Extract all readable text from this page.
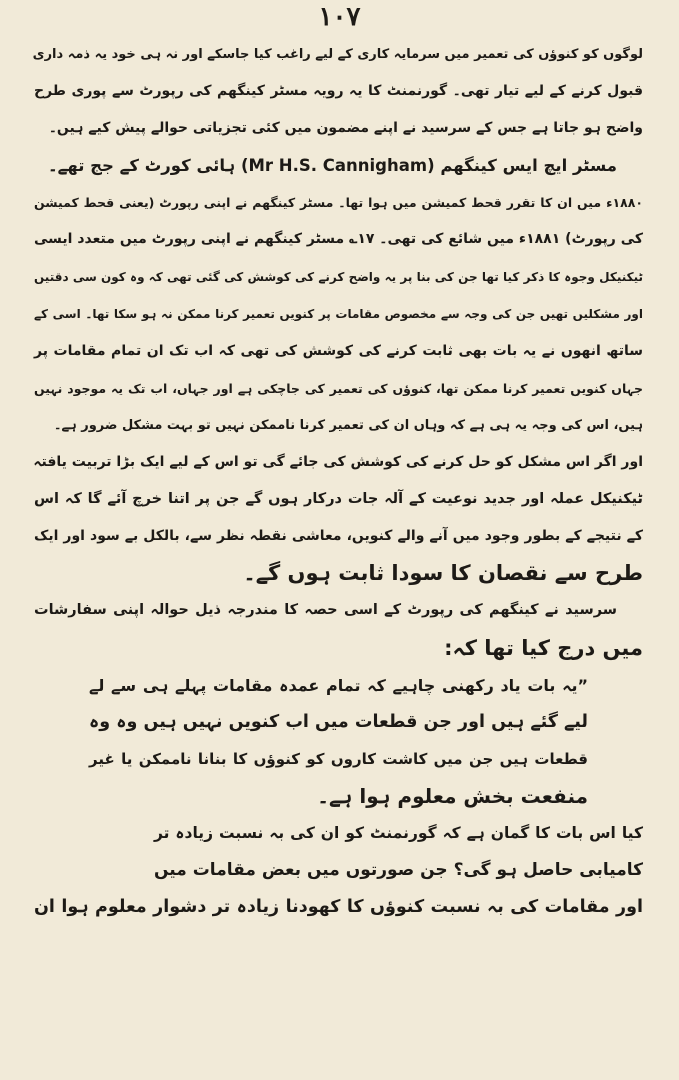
۱۰۷
لوگوں کو کنوؤں کی تعمیر میں سرمایہ کاری کے لیے راغب کیا جاسکے اور نہ ہی خود یہ ذمہ داری
قبول کرنے کے لیے تیار تھی۔ گورنمنٹ کا یہ رویہ مسٹر کینگھم کی رپورٹ سے پوری طرح
واضح ہو جاتا ہے جس کے سرسید نے اپنے مضمون میں کئی تجزیاتی حوالے پیش کیے ہیں۔
مسٹر ایچ ایس کینگھم (Mr H.S. Cannigham) ہائی کورٹ کے جج تھے۔
۱۸۸۰ء میں ان کا تقرر قحط کمیشن میں ہوا تھا۔ مسٹر کینگھم نے اپنی رپورٹ (یعنی قحط کمیشن
کی رپورٹ) ۱۸۸۱ء میں شائع کی تھی۔ ۱۷؎ مسٹر کینگھم نے اپنی رپورٹ میں متعدد ایسی
ٹیکنیکل وجوہ کا ذکر کیا تھا جن کی بنا پر یہ واضح کرنے کی کوشش کی گئی تھی کہ وہ کون سی دقتیں
اور مشکلیں تھیں جن کی وجہ سے مخصوص مقامات پر کنویں تعمیر کرنا ممکن نہ ہو سکا تھا۔ اسی کے
ساتھ انھوں نے یہ بات بھی ثابت کرنے کی کوشش کی تھی کہ اب تک ان تمام مقامات پر
جہاں کنویں تعمیر کرنا ممکن تھا، کنوؤں کی تعمیر کی جاچکی ہے اور جہاں، اب تک یہ موجود نہیں
ہیں، اس کی وجہ یہ ہی ہے کہ وہاں ان کی تعمیر کرنا ناممکن نہیں تو بہت مشکل ضرور ہے۔
اور اگر اس مشکل کو حل کرنے کی کوشش کی جائے گی تو اس کے لیے ایک بڑا تربیت یافتہ
ٹیکنیکل عملہ اور جدید نوعیت کے آلہ جات درکار ہوں گے جن پر اتنا خرچ آئے گا کہ اس
کے نتیجے کے بطور وجود میں آنے والے کنویں، معاشی نقطہ نظر سے، بالکل بے سود اور ایک
طرح سے نقصان کا سودا ثابت ہوں گے۔
سرسید نے کینگھم کی رپورٹ کے اسی حصہ کا مندرجہ ذیل حوالہ اپنی سفارشات
میں درج کیا تھا کہ:
”یہ بات یاد رکھنی چاہیے کہ تمام عمدہ مقامات پہلے ہی سے لے
لیے گئے ہیں اور جن قطعات میں اب کنویں نہیں ہیں وہ وہ
قطعات ہیں جن میں کاشت کاروں کو کنوؤں کا بنانا ناممکن یا غیر
منفعت بخش معلوم ہوا ہے۔
کیا اس بات کا گمان ہے کہ گورنمنٹ کو ان کی بہ نسبت زیادہ تر
کامیابی حاصل ہو گی؟ جن صورتوں میں بعض مقامات میں
اور مقامات کی بہ نسبت کنوؤں کا کھودنا زیادہ تر دشوار معلوم ہوا ان
